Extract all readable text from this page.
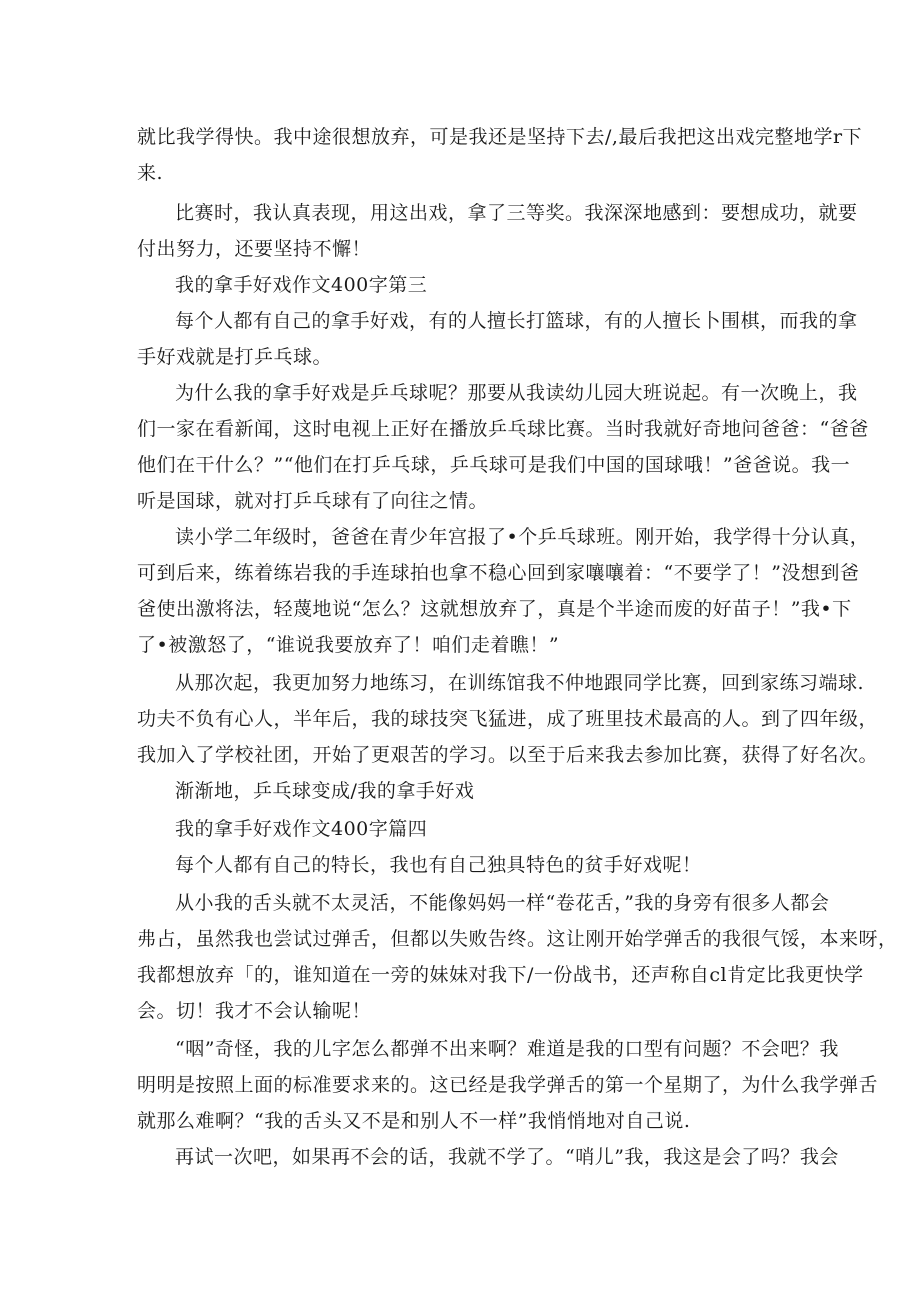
就比我学得快。我中途很想放弃，可是我还是坚持下去/,最后我把这出戏完整地学r下
来.
比赛时，我认真表现，用这出戏，拿了三等奖。我深深地感到：要想成功，就要
付出努力，还要坚持不懈！
我的拿手好戏作文400字第三
每个人都有自己的拿手好戏，有的人擅长打篮球，有的人擅长卜围棋，而我的拿
手好戏就是打乒乓球。
为什么我的拿手好戏是乒乓球呢？那要从我读幼儿园大班说起。有一次晚上，我
们一家在看新闻，这时电视上正好在播放乒乓球比赛。当时我就好奇地问爸爸：“爸爸
他们在干什么？”“他们在打乒乓球，乒乓球可是我们中国的国球哦！”爸爸说。我一
听是国球，就对打乒乓球有了向往之情。
读小学二年级时，爸爸在青少年宫报了•个乒乓球班。刚开始，我学得十分认真，
可到后来，练着练岩我的手连球拍也拿不稳心回到家嚷嚷着：“不要学了！”没想到爸
爸使出激将法，轻蔑地说“怎么？这就想放弃了，真是个半途而废的好苗子！”我•下
了•被激怒了，“谁说我要放弃了！咱们走着瞧！”
从那次起，我更加努力地练习，在训练馆我不仲地跟同学比赛，回到家练习端球.
功夫不负有心人，半年后，我的球技突飞猛进，成了班里技术最高的人。到了四年级，
我加入了学校社团，开始了更艰苦的学习。以至于后来我去参加比赛，获得了好名次。
渐渐地，乒乓球变成/我的拿手好戏
我的拿手好戏作文400字篇四
每个人都有自己的特长，我也有自己独具特色的贫手好戏呢！
从小我的舌头就不太灵活，不能像妈妈一样“卷花舌，”我的身旁有很多人都会
弗占，虽然我也尝试过弹舌，但都以失败告终。这让刚开始学弹舌的我很气馁，本来呀，
我都想放弃「的，谁知道在一旁的妹妹对我下/一份战书，还声称自cl肯定比我更快学
会。切！我才不会认输呢！
“咽”奇怪，我的儿字怎么都弹不出来啊？难道是我的口型有问题？不会吧？我
明明是按照上面的标准要求来的。这已经是我学弹舌的第一个星期了，为什么我学弹舌
就那么难啊？“我的舌头又不是和别人不一样”我悄悄地对自己说.
再试一次吧，如果再不会的话，我就不学了。“哨儿”我，我这是会了吗？我会
